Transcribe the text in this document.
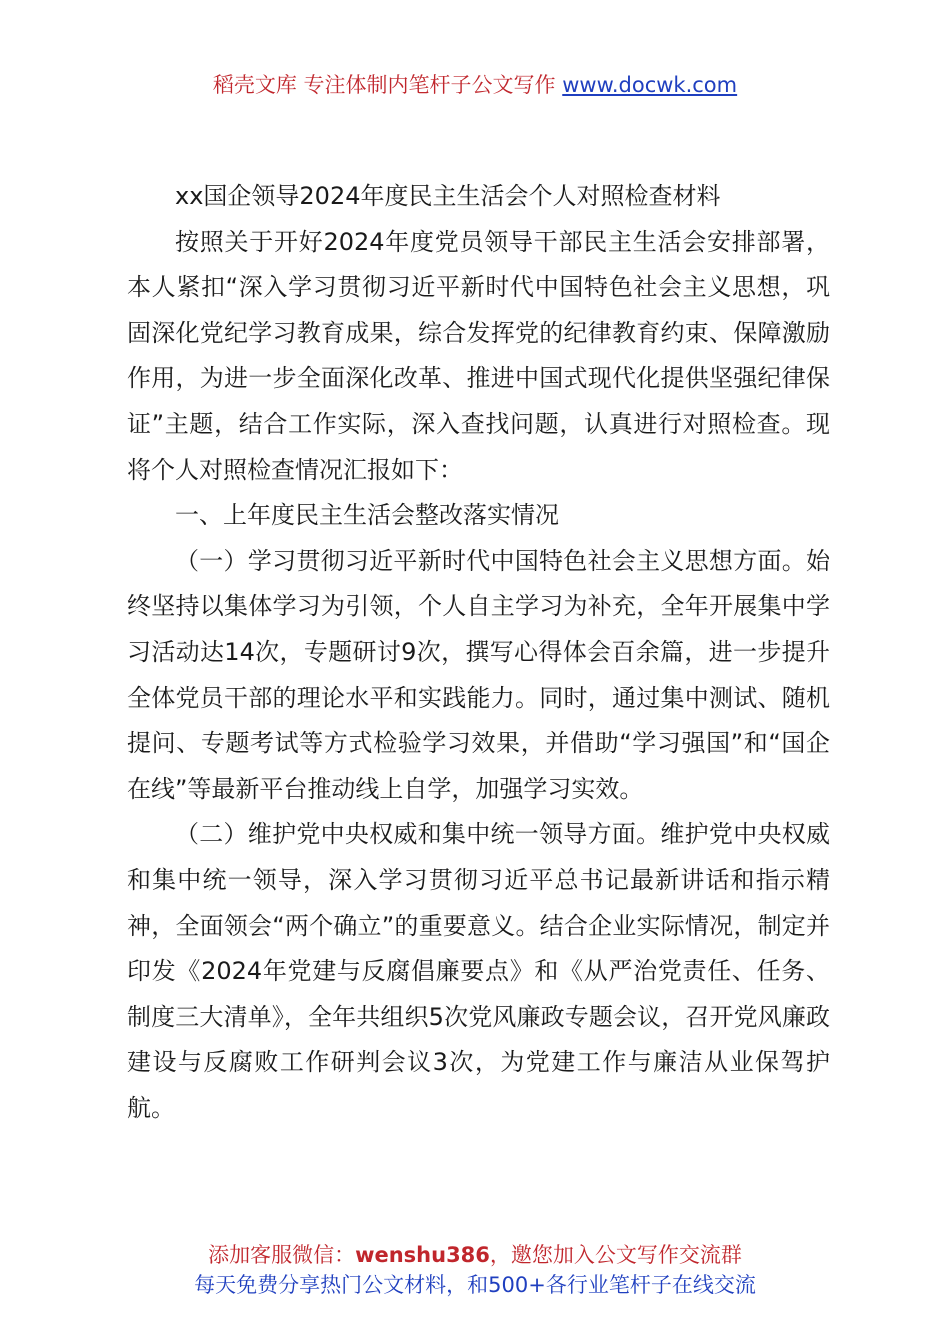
稻壳文库 专注体制内笔杆子公文写作 www.docwk.com

xx国企领导2024年度民主生活会个人对照检查材料

按照关于开好2024年度党员领导干部民主生活会安排部署，本人紧扣“深入学习贯彻习近平新时代中国特色社会主义思想，巩固深化党纪学习教育成果，综合发挥党的纪律教育约束、保障激励作用，为进一步全面深化改革、推进中国式现代化提供坚强纪律保证”主题，结合工作实际，深入查找问题，认真进行对照检查。现将个人对照检查情况汇报如下：

一、上年度民主生活会整改落实情况

（一）学习贯彻习近平新时代中国特色社会主义思想方面。始终坚持以集体学习为引领，个人自主学习为补充，全年开展集中学习活动达14次，专题研讨9次，撰写心得体会百余篇，进一步提升全体党员干部的理论水平和实践能力。同时，通过集中测试、随机提问、专题考试等方式检验学习效果，并借助“学习强国”和“国企在线”等最新平台推动线上自学，加强学习实效。

（二）维护党中央权威和集中统一领导方面。维护党中央权威和集中统一领导，深入学习贯彻习近平总书记最新讲话和指示精神，全面领会“两个确立”的重要意义。结合企业实际情况，制定并印发《2024年党建与反腐倡廉要点》和《从严治党责任、任务、制度三大清单》，全年共组织5次党风廉政专题会议，召开党风廉政建设与反腐败工作研判会议3次，为党建工作与廉洁从业保驾护航。

添加客服微信：wenshu386，邀您加入公文写作交流群
每天免费分享热门公文材料，和500+各行业笔杆子在线交流
